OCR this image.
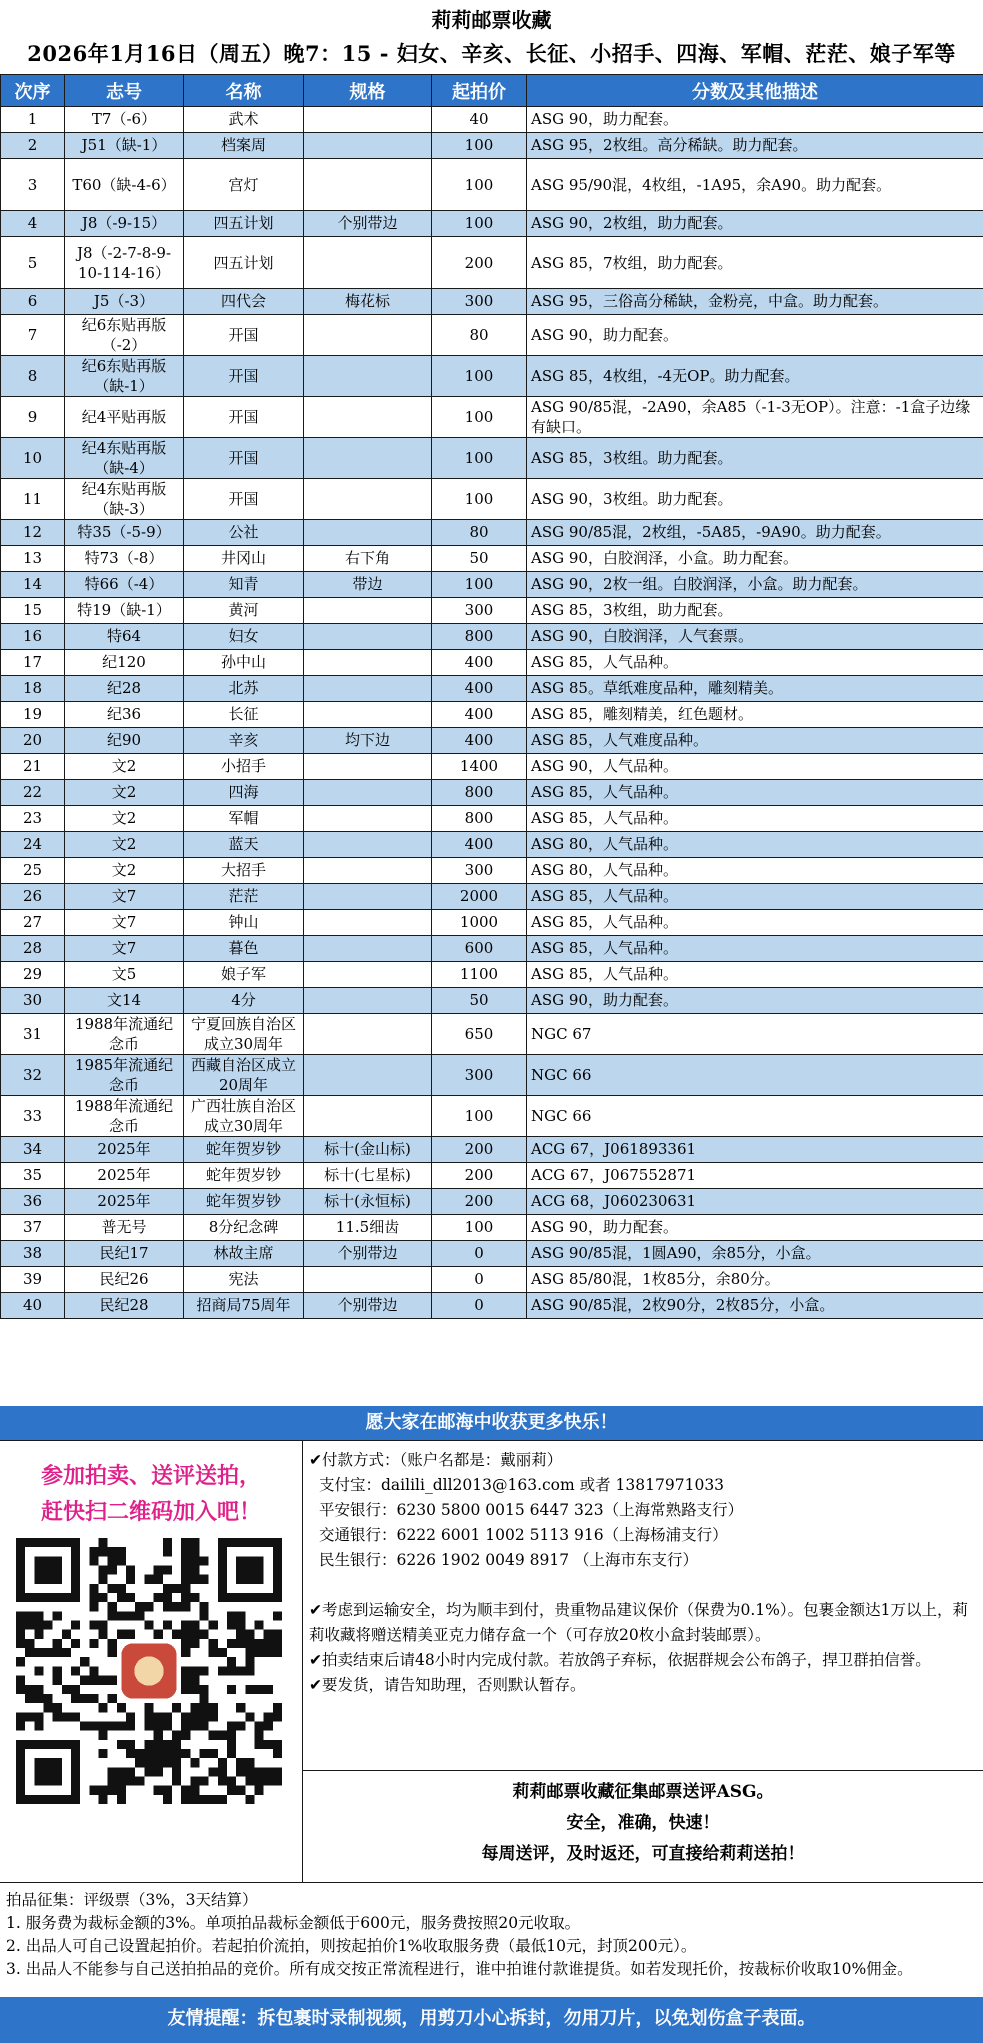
莉莉邮票收藏
2026年1月16日（周五）晚7：15 - 妇女、辛亥、长征、小招手、四海、军帽、茫茫、娘子军等
次序	志号	名称	规格	起拍价	分数及其他描述
1	T7（-6）	武术		40	ASG 90，助力配套。
2	J51（缺-1）	档案周		100	ASG 95，2枚组。高分稀缺。助力配套。
3	T60（缺-4-6）	宫灯		100	ASG 95/90混，4枚组，-1A95，余A90。助力配套。
4	J8（-9-15）	四五计划	个别带边	100	ASG 90，2枚组，助力配套。
5	J8（-2-7-8-9-10-114-16）	四五计划		200	ASG 85，7枚组，助力配套。
6	J5（-3）	四代会	梅花标	300	ASG 95，三俗高分稀缺，金粉亮，中盒。助力配套。
7	纪6东贴再版（-2）	开国		80	ASG 90，助力配套。
8	纪6东贴再版（缺-1）	开国		100	ASG 85，4枚组，-4无OP。助力配套。
9	纪4平贴再版	开国		100	ASG 90/85混，-2A90，余A85（-1-3无OP）。注意：-1盒子边缘有缺口。
10	纪4东贴再版（缺-4）	开国		100	ASG 85，3枚组。助力配套。
11	纪4东贴再版（缺-3）	开国		100	ASG 90，3枚组。助力配套。
12	特35（-5-9）	公社		80	ASG 90/85混，2枚组，-5A85，-9A90。助力配套。
13	特73（-8）	井冈山	右下角	50	ASG 90，白胶润泽，小盒。助力配套。
14	特66（-4）	知青	带边	100	ASG 90，2枚一组。白胶润泽，小盒。助力配套。
15	特19（缺-1）	黄河		300	ASG 85，3枚组，助力配套。
16	特64	妇女		800	ASG 90，白胶润泽，人气套票。
17	纪120	孙中山		400	ASG 85，人气品种。
18	纪28	北苏		400	ASG 85。草纸难度品种，雕刻精美。
19	纪36	长征		400	ASG 85，雕刻精美，红色题材。
20	纪90	辛亥	均下边	400	ASG 85，人气难度品种。
21	文2	小招手		1400	ASG 90，人气品种。
22	文2	四海		800	ASG 85，人气品种。
23	文2	军帽		800	ASG 85，人气品种。
24	文2	蓝天		400	ASG 80，人气品种。
25	文2	大招手		300	ASG 80，人气品种。
26	文7	茫茫		2000	ASG 85，人气品种。
27	文7	钟山		1000	ASG 85，人气品种。
28	文7	暮色		600	ASG 85，人气品种。
29	文5	娘子军		1100	ASG 85，人气品种。
30	文14	4分		50	ASG 90，助力配套。
31	1988年流通纪念币	宁夏回族自治区成立30周年		650	NGC 67
32	1985年流通纪念币	西藏自治区成立20周年		300	NGC 66
33	1988年流通纪念币	广西壮族自治区成立30周年		100	NGC 66
34	2025年	蛇年贺岁钞	标十(金山标)	200	ACG 67，J061893361
35	2025年	蛇年贺岁钞	标十(七星标)	200	ACG 67，J067552871
36	2025年	蛇年贺岁钞	标十(永恒标)	200	ACG 68，J060230631
37	普无号	8分纪念碑	11.5细齿	100	ASG 90，助力配套。
38	民纪17	林故主席	个别带边	0	ASG 90/85混，1圆A90，余85分，小盒。
39	民纪26	宪法		0	ASG 85/80混，1枚85分，余80分。
40	民纪28	招商局75周年	个别带边	0	ASG 90/85混，2枚90分，2枚85分，小盒。
愿大家在邮海中收获更多快乐！
参加拍卖、送评送拍，
赶快扫二维码加入吧！
✔付款方式：（账户名都是：戴丽莉）
支付宝：dailili_dll2013@163.com 或者 13817971033
平安银行：6230 5800 0015 6447 323（上海常熟路支行）
交通银行：6222 6001 1002 5113 916（上海杨浦支行）
民生银行：6226 1902 0049 8917 （上海市东支行）
✔考虑到运输安全，均为顺丰到付，贵重物品建议保价（保费为0.1%）。包裹金额达1万以上，莉莉收藏将赠送精美亚克力储存盒一个（可存放20枚小盒封装邮票）。
✔拍卖结束后请48小时内完成付款。若放鸽子弃标，依据群规会公布鸽子，捍卫群拍信誉。
✔要发货，请告知助理，否则默认暂存。
莉莉邮票收藏征集邮票送评ASG。
安全，准确，快速！
每周送评，及时返还，可直接给莉莉送拍！
拍品征集：评级票（3%，3天结算）
1. 服务费为裁标金额的3%。单项拍品裁标金额低于600元，服务费按照20元收取。
2. 出品人可自己设置起拍价。若起拍价流拍，则按起拍价1%收取服务费（最低10元，封顶200元）。
3. 出品人不能参与自己送拍拍品的竞价。所有成交按正常流程进行，谁中拍谁付款谁提货。如若发现托价，按裁标价收取10%佣金。
友情提醒：拆包裹时录制视频，用剪刀小心拆封，勿用刀片，以免划伤盒子表面。
